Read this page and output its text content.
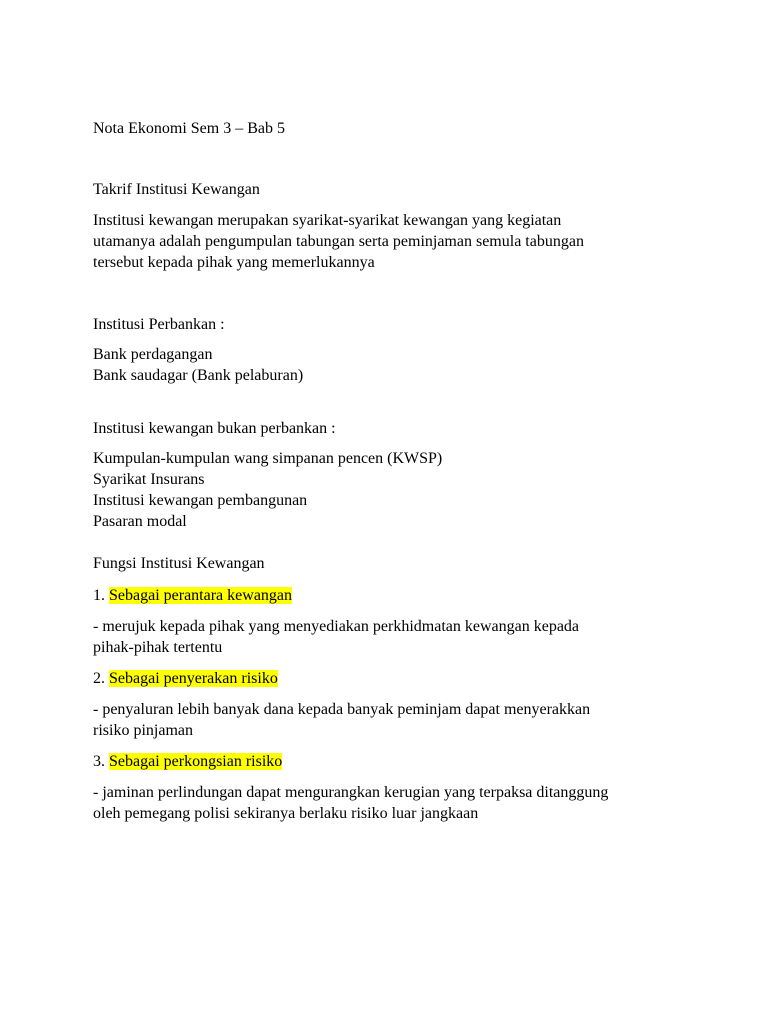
Nota Ekonomi Sem 3 – Bab 5
Takrif Institusi Kewangan
Institusi kewangan merupakan syarikat-syarikat kewangan yang kegiatan
utamanya adalah pengumpulan tabungan serta peminjaman semula tabungan
tersebut kepada pihak yang memerlukannya
Institusi Perbankan :
Bank perdagangan
Bank saudagar (Bank pelaburan)
Institusi kewangan bukan perbankan :
Kumpulan-kumpulan wang simpanan pencen (KWSP)
Syarikat Insurans
Institusi kewangan pembangunan
Pasaran modal
Fungsi Institusi Kewangan
1. Sebagai perantara kewangan
- merujuk kepada pihak yang menyediakan perkhidmatan kewangan kepada
pihak-pihak tertentu
2. Sebagai penyerakan risiko
- penyaluran lebih banyak dana kepada banyak peminjam dapat menyerakkan
risiko pinjaman
3. Sebagai perkongsian risiko
- jaminan perlindungan dapat mengurangkan kerugian yang terpaksa ditanggung
oleh pemegang polisi sekiranya berlaku risiko luar jangkaan
